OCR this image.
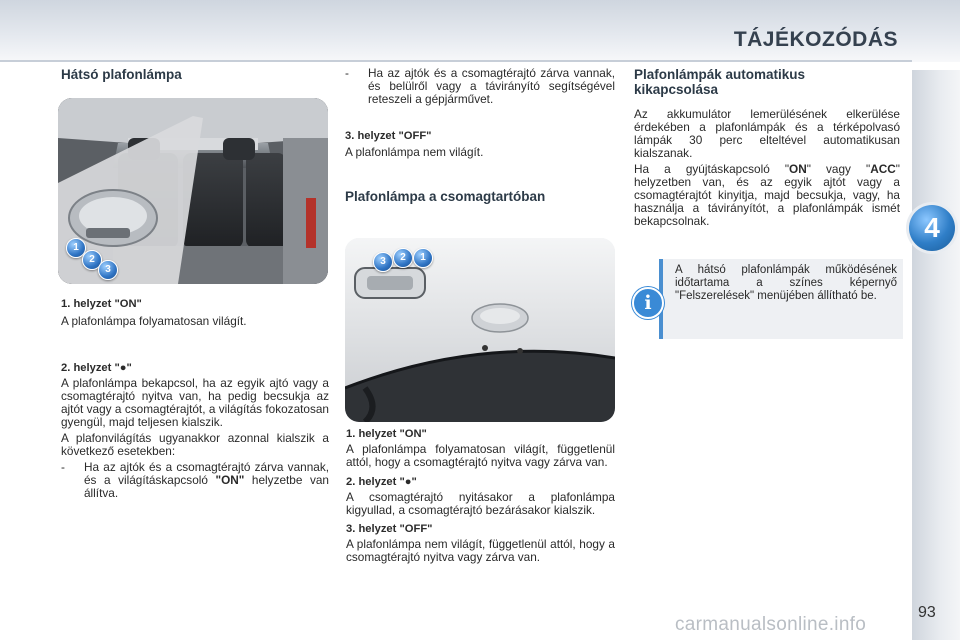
TÁJÉKOZÓDÁS
4
Hátsó plafonlámpa
1
2
3
1. helyzet "ON"

A plafonlámpa folyamatosan világít.

2. helyzet "●"

A plafonlámpa bekapcsol, ha az egyik ajtó vagy a csomagtérajtó nyitva van, ha pedig becsukja az ajtót vagy a csomagtérajtót, a világítás fokozatosan gyengül, majd teljesen kialszik.

A plafonvilágítás ugyanakkor azonnal kialszik a következő esetekben:

-	Ha az ajtók és a csomagtérajtó zárva vannak, és a világításkapcsoló "ON" helyzetbe van állítva.
-	Ha az ajtók és a csomagtérajtó zárva vannak, és belülről vagy a távirányító segítségével reteszeli a gépjárművet.
3. helyzet "OFF"

A plafonlámpa nem világít.

Plafonlámpa a csomagtartóban
3	2	1
1. helyzet "ON"

A plafonlámpa folyamatosan világít, függetlenül attól, hogy a csomagtérajtó nyitva vagy zárva van.

2. helyzet "●"

A csomagtérajtó nyitásakor a plafonlámpa kigyullad, a csomagtérajtó bezárásakor kialszik.

3. helyzet "OFF"

A plafonlámpa nem világít, függetlenül attól, hogy a csomagtérajtó nyitva vagy zárva van.

Plafonlámpák automatikus kikapcsolása

Az akkumulátor lemerülésének elkerülése érdekében a plafonlámpák és a térképolvasó lámpák 30 perc elteltével automatikusan kialszanak.

Ha a gyújtáskapcsoló "ON" vagy "ACC" helyzetben van, és az egyik ajtót vagy a csomagtérajtót kinyitja, majd becsukja, vagy, ha használja a távirányítót, a plafonlámpák ismét bekapcsolnak.

A hátsó plafonlámpák működésének időtartama a színes képernyő "Felszerelések" menüjében állítható be.

i
carmanualsonline.info
93
